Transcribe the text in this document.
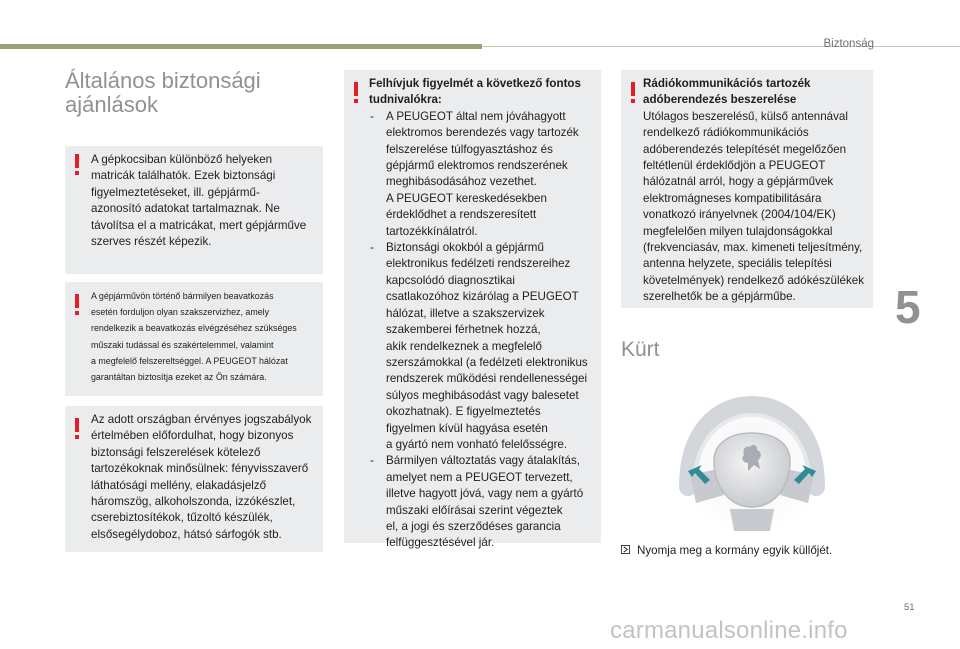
Biztonság
Általános biztonsági
ajánlások

A gépkocsiban különböző helyeken

matricák találhatók. Ezek biztonsági

figyelmeztetéseket, ill. gépjármű-

azonosító adatokat tartalmaznak. Ne

távolítsa el a matricákat, mert gépjárműve

szerves részét képezik.

A gépjárművön történő bármilyen beavatkozás

esetén forduljon olyan szakszervizhez, amely

rendelkezik a beavatkozás elvégzéséhez szükséges

műszaki tudással és szakértelemmel, valamint

a megfelelő felszereltséggel. A PEUGEOT hálózat

garantáltan biztosítja ezeket az Ön számára.

Az adott országban érvényes jogszabályok

értelmében előfordulhat, hogy bizonyos

biztonsági felszerelések kötelező

tartozékoknak minősülnek: fényvisszaverő

láthatósági mellény, elakadásjelző

háromszög, alkoholszonda, izzókészlet,

cserebiztosítékok, tűzoltó készülék,

elsősegélydoboz, hátsó sárfogók stb.

Felhívjuk figyelmét a következő fontos

tudnivalókra:

- A PEUGEOT által nem jóváhagyott
elektromos berendezés vagy tartozék
felszerelése túlfogyasztáshoz és
gépjármű elektromos rendszerének
meghibásodásához vezethet.
A PEUGEOT kereskedésekben
érdeklődhet a rendszeresített
tartozékkínálatról.
- Biztonsági okokból a gépjármű
elektronikus fedélzeti rendszereihez
kapcsolódó diagnosztikai
csatlakozóhoz kizárólag a PEUGEOT
hálózat, illetve a szakszervizek
szakemberei férhetnek hozzá,
akik rendelkeznek a megfelelő
szerszámokkal (a fedélzeti elektronikus
rendszerek működési rendellenességei
súlyos meghibásodást vagy balesetet
okozhatnak). E figyelmeztetés
figyelmen kívül hagyása esetén
a gyártó nem vonható felelősségre.
- Bármilyen változtatás vagy átalakítás,
amelyet nem a PEUGEOT tervezett,
illetve hagyott jóvá, vagy nem a gyártó
műszaki előírásai szerint végeztek
el, a jogi és szerződéses garancia
felfüggesztésével jár.

Rádiókommunikációs tartozék

adóberendezés beszerelése

Utólagos beszerelésű, külső antennával

rendelkező rádiókommunikációs

adóberendezés telepítését megelőzően

feltétlenül érdeklődjön a PEUGEOT

hálózatnál arról, hogy a gépjárművek

elektromágneses kompatibilitására

vonatkozó irányelvnek (2004/104/EK)

megfelelően milyen tulajdonságokkal

(frekvenciasáv, max. kimeneti teljesítmény,

antenna helyzete, speciális telepítési

követelmények) rendelkező adókészülékek

szerelhetők be a gépjárműbe.

Kürt
Nyomja meg a kormány egyik küllőjét.
5
51
carmanualsonline.info
